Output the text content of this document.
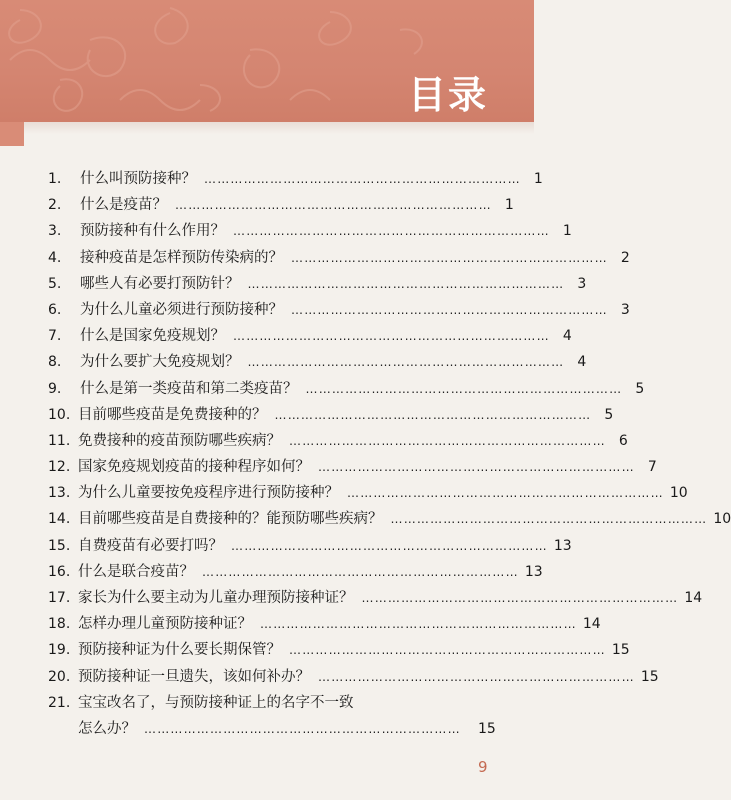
目录
1.	什么叫预防接种？ ……………………………………………………………… 1
2.	什么是疫苗？ ……………………………………………………………… 1
3.	预防接种有什么作用？ ……………………………………………………………… 1
4.	接种疫苗是怎样预防传染病的？ ……………………………………………………………… 2
5.	哪些人有必要打预防针？ ……………………………………………………………… 3
6.	为什么儿童必须进行预防接种？ ……………………………………………………………… 3
7.	什么是国家免疫规划？ ……………………………………………………………… 4
8.	为什么要扩大免疫规划？ ……………………………………………………………… 4
9.	什么是第一类疫苗和第二类疫苗？ ……………………………………………………………… 5
10. 目前哪些疫苗是免费接种的？ ……………………………………………………………… 5
11. 免费接种的疫苗预防哪些疾病？ ……………………………………………………………… 6
12. 国家免疫规划疫苗的接种程序如何？ ……………………………………………………………… 7
13. 为什么儿童要按免疫程序进行预防接种？ ……………………………………………………………… 10
14. 目前哪些疫苗是自费接种的？能预防哪些疾病？ ……………………………………………………………… 10
15. 自费疫苗有必要打吗？ ……………………………………………………………… 13
16. 什么是联合疫苗？ ……………………………………………………………… 13
17. 家长为什么要主动为儿童办理预防接种证？ ……………………………………………………………… 14
18. 怎样办理儿童预防接种证？ ……………………………………………………………… 14
19. 预防接种证为什么要长期保管？ ……………………………………………………………… 15
20. 预防接种证一旦遗失，该如何补办？ ……………………………………………………………… 15
21. 宝宝改名了，与预防接种证上的名字不一致
怎么办？ ………………………………………………………………	15
9
